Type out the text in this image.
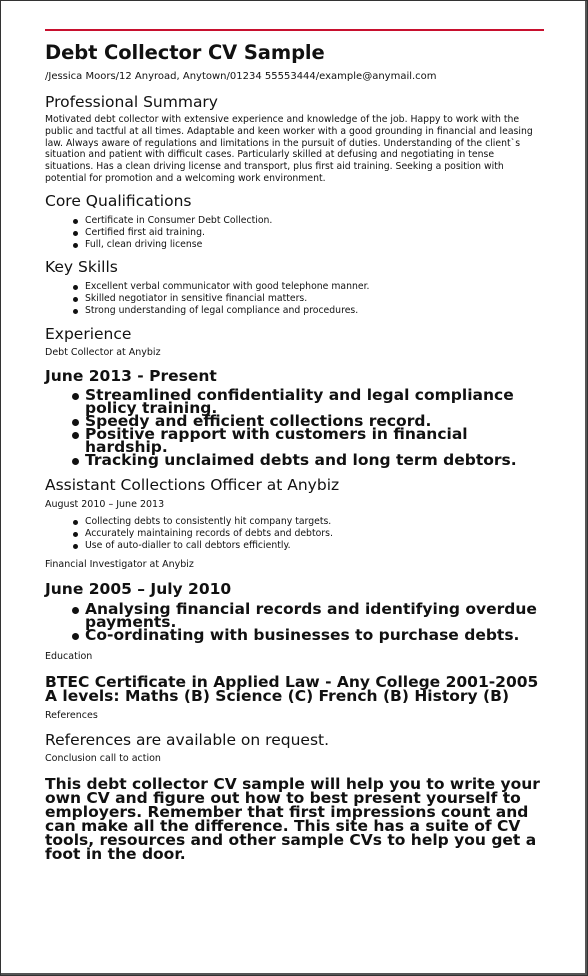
Debt Collector CV Sample

/Jessica Moors/12 Anyroad, Anytown/01234 55553444/example@anymail.com

Professional Summary

Motivated debt collector with extensive experience and knowledge of the job. Happy to work with the public and tactful at all times. Adaptable and keen worker with a good grounding in financial and leasing law. Always aware of regulations and limitations in the pursuit of duties. Understanding of the client`s situation and patient with difficult cases. Particularly skilled at defusing and negotiating in tense situations. Has a clean driving license and transport, plus first aid training. Seeking a position with potential for promotion and a welcoming work environment.

Core Qualifications
Certificate in Consumer Debt Collection.
Certified first aid training.
Full, clean driving license
Key Skills
Excellent verbal communicator with good telephone manner.
Skilled negotiator in sensitive financial matters.
Strong understanding of legal compliance and procedures.
Experience

Debt Collector at Anybiz

June 2013 - Present

Streamlined confidentiality and legal compliance policy training.
Speedy and efficient collections record.
Positive rapport with customers in financial hardship.
Tracking unclaimed debts and long term debtors.

Assistant Collections Officer at Anybiz

August 2010 – June 2013

Collecting debts to consistently hit company targets.
Accurately maintaining records of debts and debtors.
Use of auto-dialler to call debtors efficiently.

Financial Investigator at Anybiz

June 2005 – July 2010

Analysing financial records and identifying overdue payments.
Co-ordinating with businesses to purchase debts.

Education

BTEC Certificate in Applied Law - Any College 2001-2005 A levels: Maths (B) Science (C) French (B) History (B)

References

References are available on request.

Conclusion call to action

This debt collector CV sample will help you to write your own CV and figure out how to best present yourself to employers. Remember that first impressions count and can make all the difference. This site has a suite of CV tools, resources and other sample CVs to help you get a foot in the door.
